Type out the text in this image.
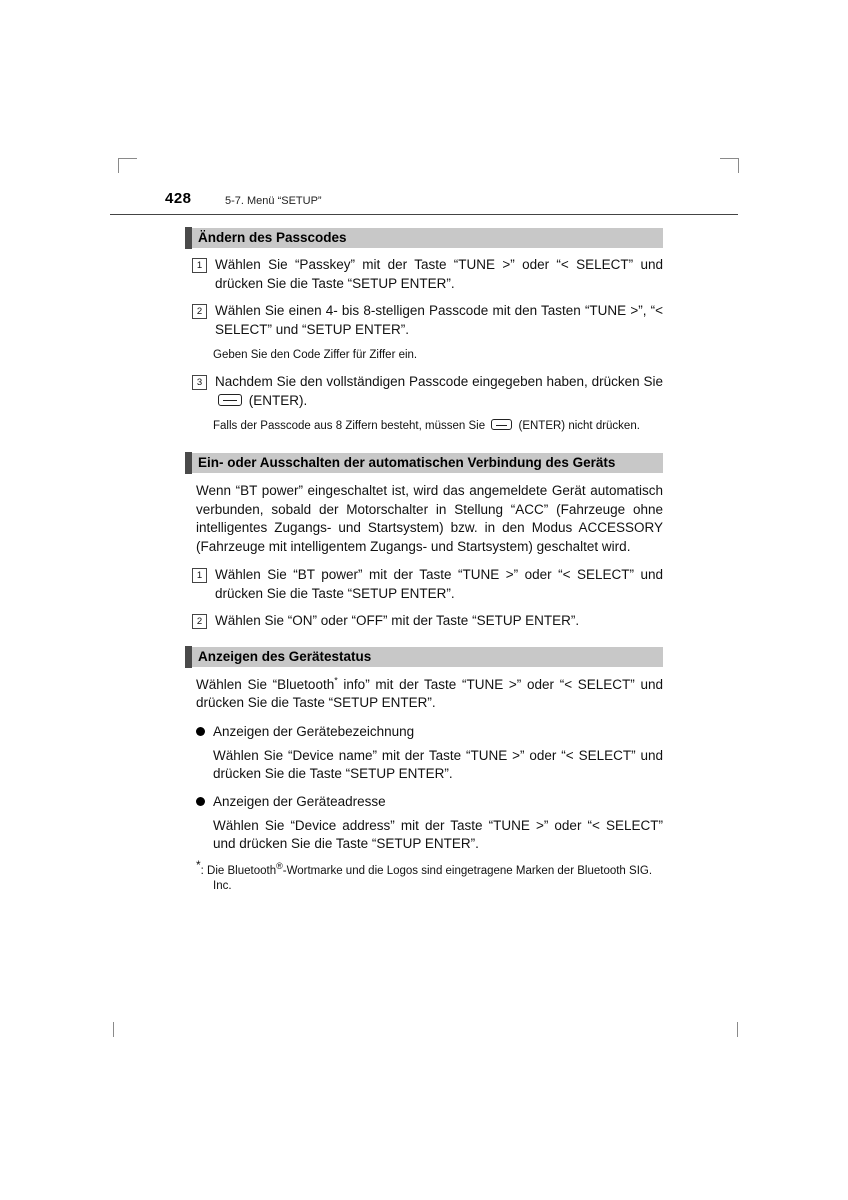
428	5-7. Menü “SETUP”
Ändern des Passcodes
1 Wählen Sie “Passkey” mit der Taste “TUNE >” oder “< SELECT” und drücken Sie die Taste “SETUP ENTER”.
2 Wählen Sie einen 4- bis 8-stelligen Passcode mit den Tasten “TUNE >”, “< SELECT” und “SETUP ENTER”.
Geben Sie den Code Ziffer für Ziffer ein.
3 Nachdem Sie den vollständigen Passcode eingegeben haben, drücken Sie
(ENTER).
Falls der Passcode aus 8 Ziffern besteht, müssen Sie	(ENTER) nicht drücken.
Ein- oder Ausschalten der automatischen Verbindung des Geräts
Wenn “BT power” eingeschaltet ist, wird das angemeldete Gerät automatisch verbunden, sobald der Motorschalter in Stellung “ACC” (Fahrzeuge ohne intelligentes Zugangs- und Startsystem) bzw. in den Modus ACCESSORY (Fahrzeuge mit intelligentem Zugangs- und Startsystem) geschaltet wird.
1 Wählen Sie “BT power” mit der Taste “TUNE >” oder “< SELECT” und drücken Sie die Taste “SETUP ENTER”.
2 Wählen Sie “ON” oder “OFF” mit der Taste “SETUP ENTER”.
Anzeigen des Gerätestatus
Wählen Sie “Bluetooth* info” mit der Taste “TUNE >” oder “< SELECT” und drücken Sie die Taste “SETUP ENTER”.
Anzeigen der Gerätebezeichnung
Wählen Sie “Device name” mit der Taste “TUNE >” oder “< SELECT” und drücken Sie die Taste “SETUP ENTER”.
Anzeigen der Geräteadresse
Wählen Sie “Device address” mit der Taste “TUNE >” oder “< SELECT” und drücken Sie die Taste “SETUP ENTER”.
*: Die Bluetooth®-Wortmarke und die Logos sind eingetragene Marken der Bluetooth SIG. Inc.
